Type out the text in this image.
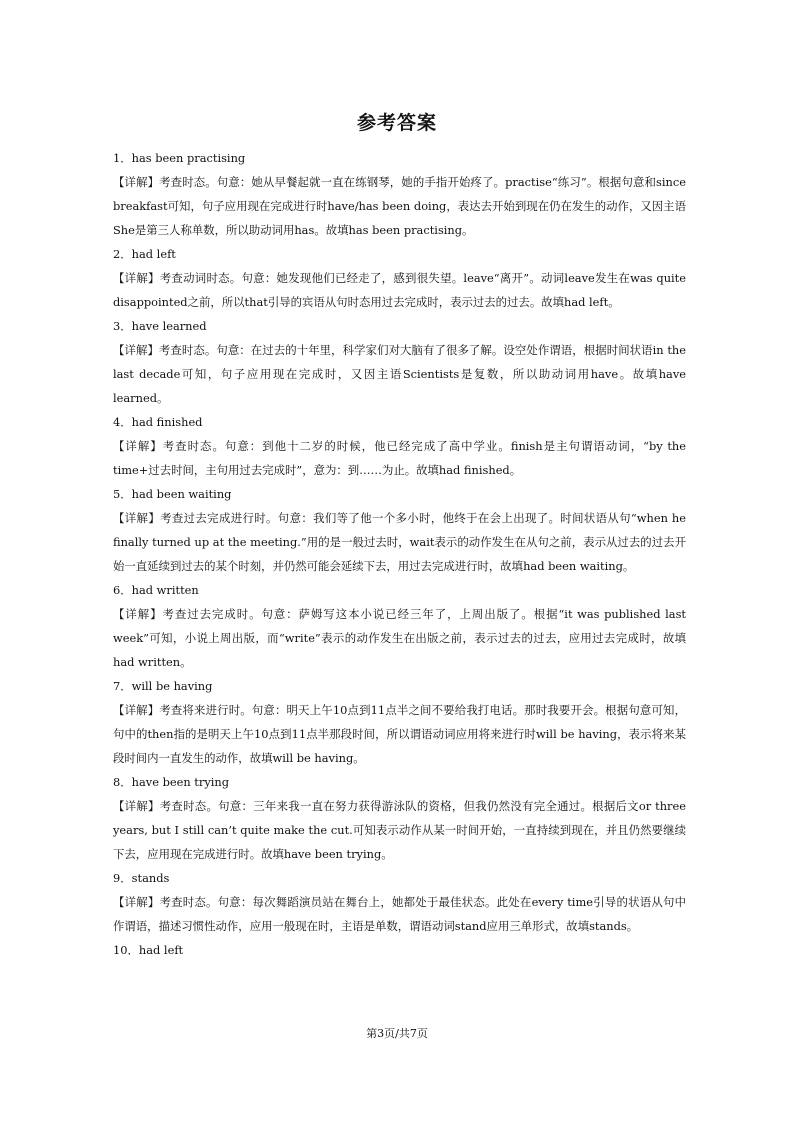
参考答案

1．has been practising

【详解】考查时态。句意：她从早餐起就一直在练钢琴，她的手指开始疼了。practise“练习”。根据句意和since breakfast可知，句子应用现在完成进行时have/has been doing，表达去开始到现在仍在发生的动作，又因主语She是第三人称单数，所以助动词用has。故填has been practising。

2．had left

【详解】考查动词时态。句意：她发现他们已经走了，感到很失望。leave“离开”。动词leave发生在was quite disappointed之前，所以that引导的宾语从句时态用过去完成时，表示过去的过去。故填had left。

3．have learned

【详解】考查时态。句意：在过去的十年里，科学家们对大脑有了很多了解。设空处作谓语，根据时间状语in the last decade可知，句子应用现在完成时，又因主语Scientists是复数，所以助动词用have。故填have learned。

4．had finished

【详解】考查时态。句意：到他十二岁的时候，他已经完成了高中学业。finish是主句谓语动词，“by the time+过去时间，主句用过去完成时”，意为：到……为止。故填had finished。

5．had been waiting

【详解】考查过去完成进行时。句意：我们等了他一个多小时，他终于在会上出现了。时间状语从句“when he finally turned up at the meeting.”用的是一般过去时，wait表示的动作发生在从句之前，表示从过去的过去开始一直延续到过去的某个时刻，并仍然可能会延续下去，用过去完成进行时，故填had been waiting。

6．had written

【详解】考查过去完成时。句意：萨姆写这本小说已经三年了，上周出版了。根据“it was published last week”可知，小说上周出版，而“write”表示的动作发生在出版之前，表示过去的过去，应用过去完成时，故填had written。

7．will be having

【详解】考查将来进行时。句意：明天上午10点到11点半之间不要给我打电话。那时我要开会。根据句意可知，句中的then指的是明天上午10点到11点半那段时间，所以谓语动词应用将来进行时will be having，表示将来某段时间内一直发生的动作，故填will be having。

8．have been trying

【详解】考查时态。句意：三年来我一直在努力获得游泳队的资格，但我仍然没有完全通过。根据后文or three years, but I still can’t quite make the cut.可知表示动作从某一时间开始，一直持续到现在，并且仍然要继续下去，应用现在完成进行时。故填have been trying。

9．stands

【详解】考查时态。句意：每次舞蹈演员站在舞台上，她都处于最佳状态。此处在every time引导的状语从句中作谓语，描述习惯性动作，应用一般现在时，主语是单数，谓语动词stand应用三单形式，故填stands。

10．had left

第3页/共7页
